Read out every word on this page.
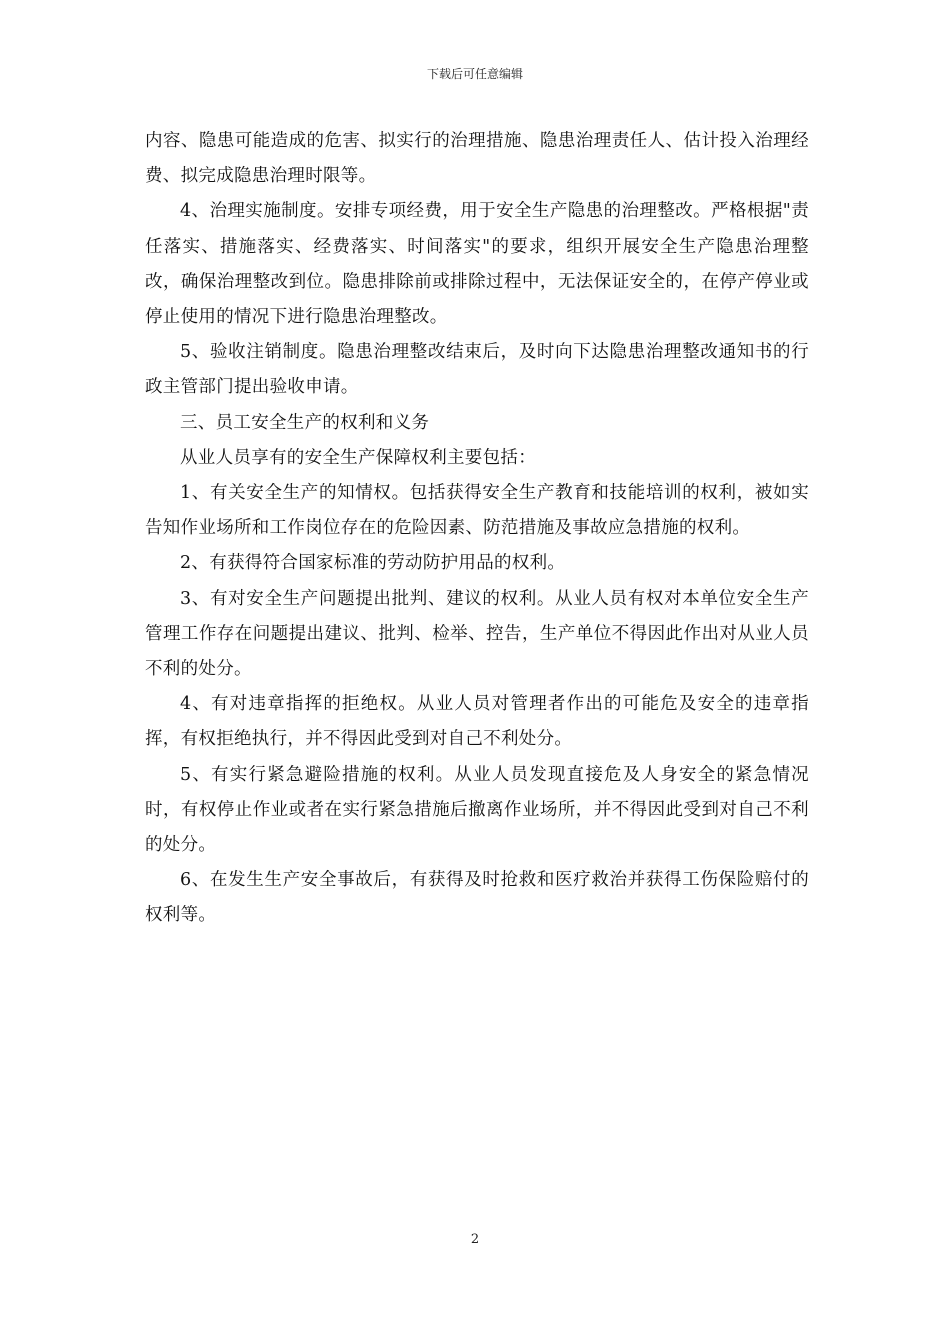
下载后可任意编辑

内容、隐患可能造成的危害、拟实行的治理措施、隐患治理责任人、估计投入治理经费、拟完成隐患治理时限等。

4、治理实施制度。安排专项经费，用于安全生产隐患的治理整改。严格根据"责任落实、措施落实、经费落实、时间落实"的要求，组织开展安全生产隐患治理整改，确保治理整改到位。隐患排除前或排除过程中，无法保证安全的，在停产停业或停止使用的情况下进行隐患治理整改。

5、验收注销制度。隐患治理整改结束后，及时向下达隐患治理整改通知书的行政主管部门提出验收申请。

三、员工安全生产的权利和义务

从业人员享有的安全生产保障权利主要包括：

1、有关安全生产的知情权。包括获得安全生产教育和技能培训的权利，被如实告知作业场所和工作岗位存在的危险因素、防范措施及事故应急措施的权利。

2、有获得符合国家标准的劳动防护用品的权利。

3、有对安全生产问题提出批判、建议的权利。从业人员有权对本单位安全生产管理工作存在问题提出建议、批判、检举、控告，生产单位不得因此作出对从业人员不利的处分。

4、有对违章指挥的拒绝权。从业人员对管理者作出的可能危及安全的违章指挥，有权拒绝执行，并不得因此受到对自己不利处分。

5、有实行紧急避险措施的权利。从业人员发现直接危及人身安全的紧急情况时，有权停止作业或者在实行紧急措施后撤离作业场所，并不得因此受到对自己不利的处分。

6、在发生生产安全事故后，有获得及时抢救和医疗救治并获得工伤保险赔付的权利等。

2
